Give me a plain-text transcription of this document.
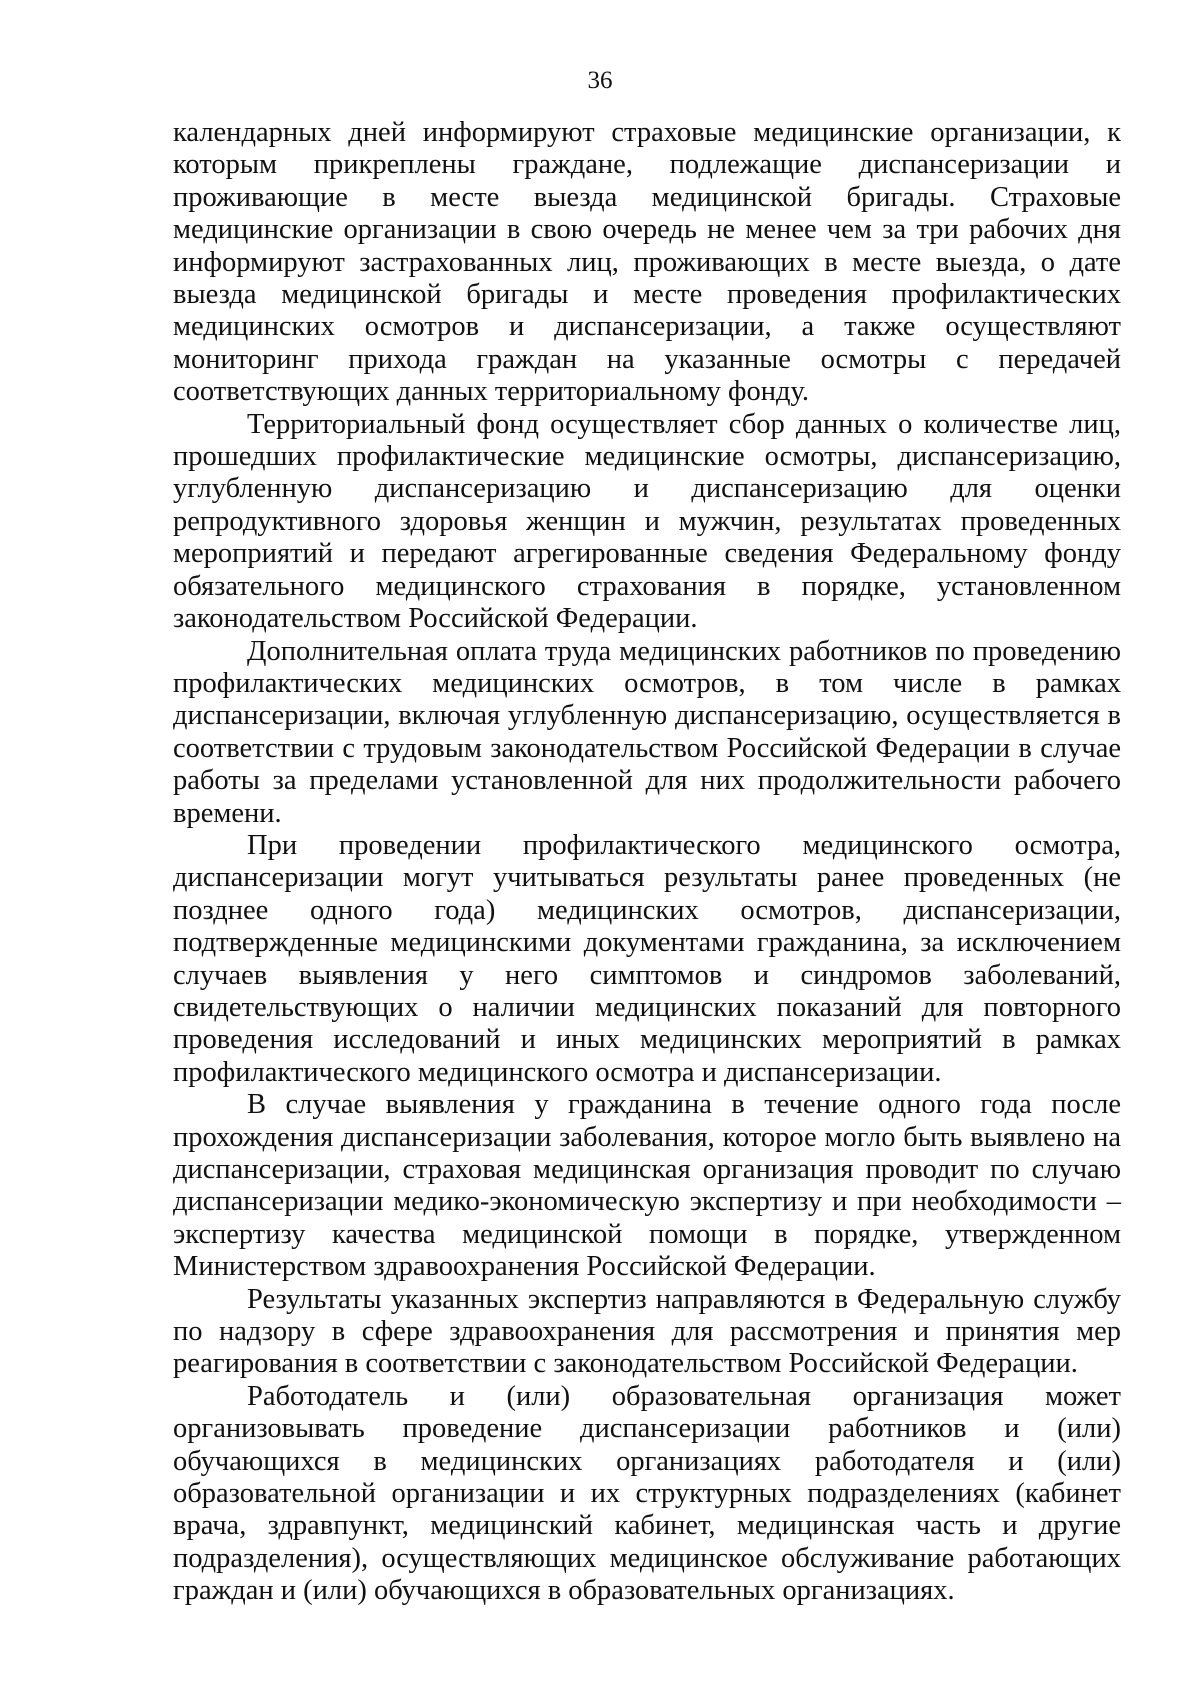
36

календарных дней информируют страховые медицинские организации, к которым прикреплены граждане, подлежащие диспансеризации и проживающие в месте выезда медицинской бригады. Страховые медицинские организации в свою очередь не менее чем за три рабочих дня информируют застрахованных лиц, проживающих в месте выезда, о дате выезда медицинской бригады и месте проведения профилактических медицинских осмотров и диспансеризации, а также осуществляют мониторинг прихода граждан на указанные осмотры с передачей соответствующих данных территориальному фонду.

Территориальный фонд осуществляет сбор данных о количестве лиц, прошедших профилактические медицинские осмотры, диспансеризацию, углубленную диспансеризацию и диспансеризацию для оценки репродуктивного здоровья женщин и мужчин, результатах проведенных мероприятий и передают агрегированные сведения Федеральному фонду обязательного медицинского страхования в порядке, установленном законодательством Российской Федерации.

Дополнительная оплата труда медицинских работников по проведению профилактических медицинских осмотров, в том числе в рамках диспансеризации, включая углубленную диспансеризацию, осуществляется в соответствии с трудовым законодательством Российской Федерации в случае работы за пределами установленной для них продолжительности рабочего времени.

При проведении профилактического медицинского осмотра, диспансеризации могут учитываться результаты ранее проведенных (не позднее одного года) медицинских осмотров, диспансеризации, подтвержденные медицинскими документами гражданина, за исключением случаев выявления у него симптомов и синдромов заболеваний, свидетельствующих о наличии медицинских показаний для повторного проведения исследований и иных медицинских мероприятий в рамках профилактического медицинского осмотра и диспансеризации.

В случае выявления у гражданина в течение одного года после прохождения диспансеризации заболевания, которое могло быть выявлено на диспансеризации, страховая медицинская организация проводит по случаю диспансеризации медико-экономическую экспертизу и при необходимости – экспертизу качества медицинской помощи в порядке, утвержденном Министерством здравоохранения Российской Федерации.

Результаты указанных экспертиз направляются в Федеральную службу по надзору в сфере здравоохранения для рассмотрения и принятия мер реагирования в соответствии с законодательством Российской Федерации.

Работодатель и (или) образовательная организация может организовывать проведение диспансеризации работников и (или) обучающихся в медицинских организациях работодателя и (или) образовательной организации и их структурных подразделениях (кабинет врача, здравпункт, медицинский кабинет, медицинская часть и другие подразделения), осуществляющих медицинское обслуживание работающих граждан и (или) обучающихся в образовательных организациях.
